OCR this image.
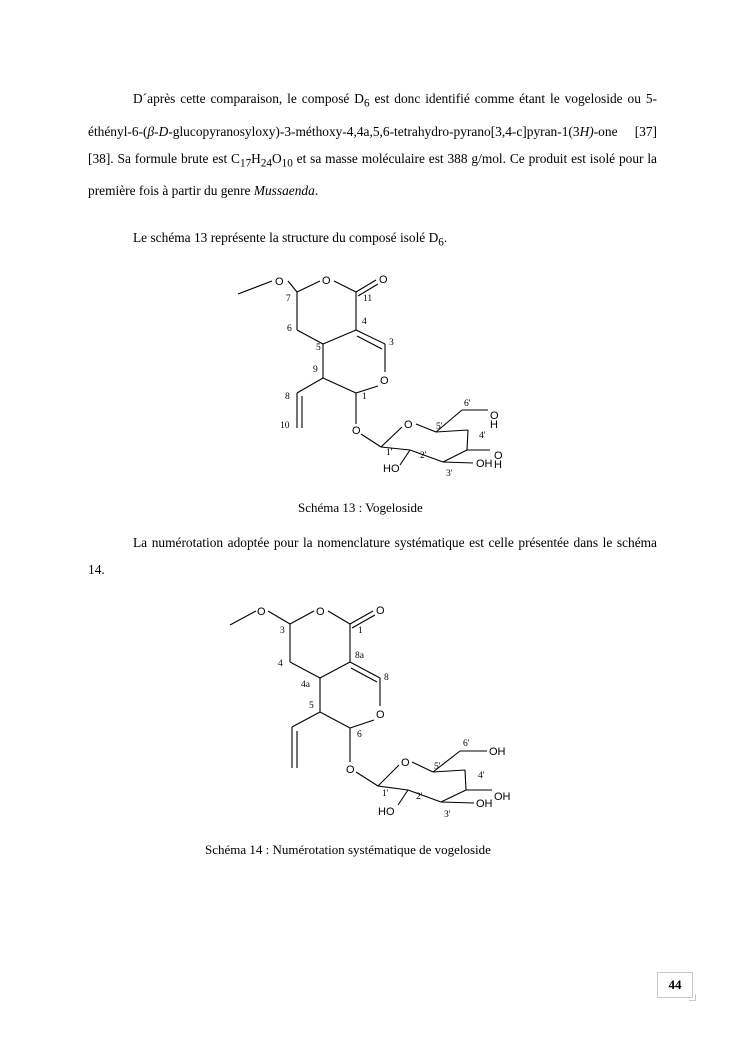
D´après cette comparaison, le composé $D_6$ est donc identifié comme étant le vogeloside ou 5-éthényl-6-(β-D-glucopyranosyloxy)-3-méthoxy-4,4a,5,6-tetrahydro-pyrano[3,4-c]pyran-1(3H)-one [37][38]. Sa formule brute est $C_{17}H_{24}O_{10}$ et sa masse moléculaire est 388 g/mol. Ce produit est isolé pour la première fois à partir du genre Mussaenda.

Le schéma 13 représente la structure du composé isolé $D_6$.

O	O	O
O
O	O
O
H
O
H
OH
HO
7	11
6
4
5	3
9
8	1
10
6'
5'
4'
1'	2'
3'

Schéma 13 : Vogeloside

La numérotation adoptée pour la nomenclature systématique est celle présentée dans le schéma 14.

O	O	O
O
O
O
OH
OH
OH
HO
3	1
4
8a
8
4a
5
6
6'
5'
4'
1'	2'
3'

Schéma 14 : Numérotation systématique de vogeloside

44
